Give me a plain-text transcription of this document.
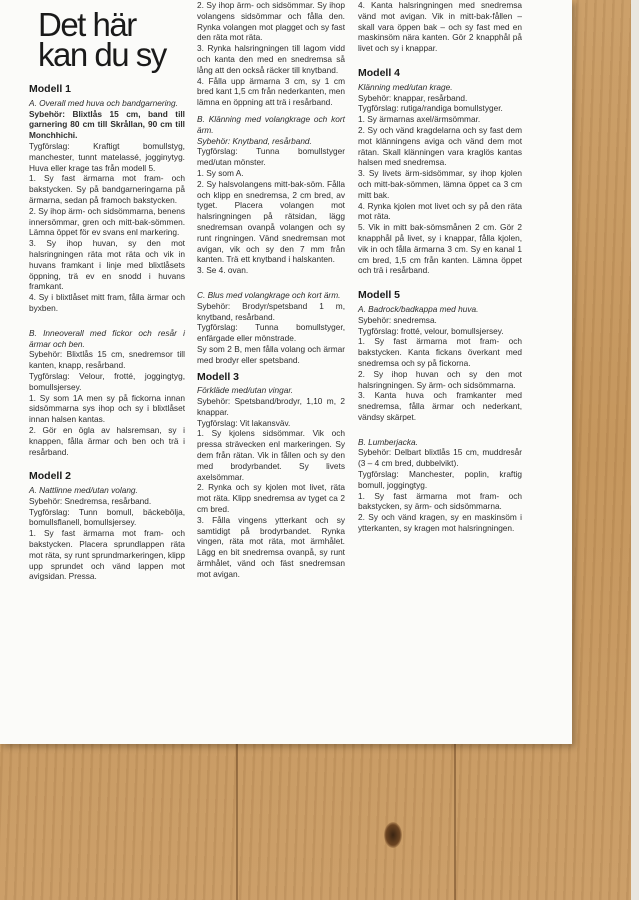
Det här kan du sy
Modell 1

A. Overall med huva och bandgarnering.

Sybehör: Blixtlås 15 cm, band till garnering 80 cm till Skrållan, 90 cm till Monchhichi.

Tygförslag: Kraftigt bomullstyg, manchester, tunnt matelassé, jogginytyg. Huva eller krage tas från modell 5.

1. Sy fast ärmarna mot fram- och bakstycken. Sy på bandgarneringarna på ärmarna, sedan på framoch bakstycken.

2. Sy ihop ärm- och sidsömmarna, benens innersömmar, gren och mitt-bak-sömmen. Lämna öppet för ev svans enl markering.

3. Sy ihop huvan, sy den mot halsringningen räta mot räta och vik in huvans framkant i linje med blixtlåsets öppning, trä ev en snodd i huvans framkant.

4. Sy i blixtlåset mitt fram, fålla ärmar och byxben.

B. Inneoverall med fickor och resår i ärmar och ben.

Sybehör: Blixtlås 15 cm, snedremsor till kanten, knapp, resårband.

Tygförslag: Velour, frotté, joggingtyg, bomullsjersey.

1. Sy som 1A men sy på fickorna innan sidsömmarna sys ihop och sy i blixtlåset innan halsen kantas.

2. Gör en ögla av halsremsan, sy i knappen, fålla ärmar och ben och trä i resårband.

Modell 2

A. Nattlinne med/utan volang.

Sybehör: Snedremsa, resårband.

Tygförslag: Tunn bomull, bäckebölja, bomullsflanell, bomullsjersey.

1. Sy fast ärmarna mot fram- och bakstycken. Placera sprundlappen räta mot räta, sy runt sprundmarkeringen, klipp upp sprundet och vänd lappen mot avigsidan. Pressa.

2. Sy ihop ärm- och sidsömmar. Sy ihop volangens sidsömmar och fålla den. Rynka volangen mot plagget och sy fast den räta mot räta.

3. Rynka halsringningen till lagom vidd och kanta den med en snedremsa så lång att den också räcker till knytband.

4. Fålla upp ärmarna 3 cm, sy 1 cm bred kant 1,5 cm från nederkanten, men lämna en öppning att trä i resårband.

B. Klänning med volangkrage och kort ärm.

Sybehör: Knytband, resårband.

Tygförslag: Tunna bomullstyger med/utan mönster.

1. Sy som A.

2. Sy halsvolangens mitt-bak-söm. Fålla och klipp en snedremsa, 2 cm bred, av tyget. Placera volangen mot halsringningen på rätsidan, lägg snedremsan ovanpå volangen och sy runt ringningen. Vänd snedremsan mot avigan, vik och sy den 7 mm från kanten. Trä ett knytband i halskanten.

3. Se 4. ovan.

C. Blus med volangkrage och kort ärm.

Sybehör: Brodyr/spetsband 1 m, knytband, resårband.

Tygförslag: Tunna bomullstyger, enfärgade eller mönstrade.

Sy som 2 B, men fålla volang och ärmar med brodyr eller spetsband.

Modell 3

Förkläde med/utan vingar.

Sybehör: Spetsband/brodyr, 1,10 m, 2 knappar.

Tygförslag: Vit lakansväv.

1. Sy kjolens sidsömmar. Vik och pressa strävecken enl markeringen. Sy dem från rätan. Vik in fållen och sy den med brodyrbandet. Sy livets axelsömmar.

2. Rynka och sy kjolen mot livet, räta mot räta. Klipp snedremsa av tyget ca 2 cm bred.

3. Fålla vingens ytterkant och sy samtidigt på brodyrbandet. Rynka vingen, räta mot räta, mot ärmhålet. Lägg en bit snedremsa ovanpå, sy runt ärmhålet, vänd och fäst snedremsan mot avigan.

4. Kanta halsringningen med snedremsa vänd mot avigan. Vik in mitt-bak-fållen – skall vara öppen bak – och sy fast med en maskinsöm nära kanten. Gör 2 knapphål på livet och sy i knappar.

Modell 4

Klänning med/utan krage.

Sybehör: knappar, resårband.

Tygförslag: rutiga/randiga bomullstyger.

1. Sy ärmarnas axel/ärmsömmar.

2. Sy och vänd kragdelarna och sy fast dem mot klänningens aviga och vänd dem mot rätan. Skall klänningen vara kraglös kantas halsen med snedremsa.

3. Sy livets ärm-sidsömmar, sy ihop kjolen och mitt-bak-sömmen, lämna öppet ca 3 cm mitt bak.

4. Rynka kjolen mot livet och sy på den räta mot räta.

5. Vik in mitt bak-sömsmånen 2 cm. Gör 2 knapphål på livet, sy i knappar, fålla kjolen, vik in och fålla ärmarna 3 cm. Sy en kanal 1 cm bred, 1,5 cm från kanten. Lämna öppet och trä i resårband.

Modell 5

A. Badrock/badkappa med huva.

Sybehör: snedremsa.

Tygförslag: frotté, velour, bomullsjersey.

1. Sy fast ärmarna mot fram- och bakstycken. Kanta fickans överkant med snedremsa och sy på fickorna.

2. Sy ihop huvan och sy den mot halsringningen. Sy ärm- och sidsömmarna.

3. Kanta huva och framkanter med snedremsa, fålla ärmar och nederkant, vändsy skärpet.

B. Lumberjacka.

Sybehör: Delbart blixtlås 15 cm, muddresår (3 – 4 cm bred, dubbelvikt).

Tygförslag: Manchester, poplin, kraftig bomull, joggingtyg.

1. Sy fast ärmarna mot fram- och bakstycken, sy ärm- och sidsömmarna.

2. Sy och vänd kragen, sy en maskinsöm i ytterkanten, sy kragen mot halsringningen.
